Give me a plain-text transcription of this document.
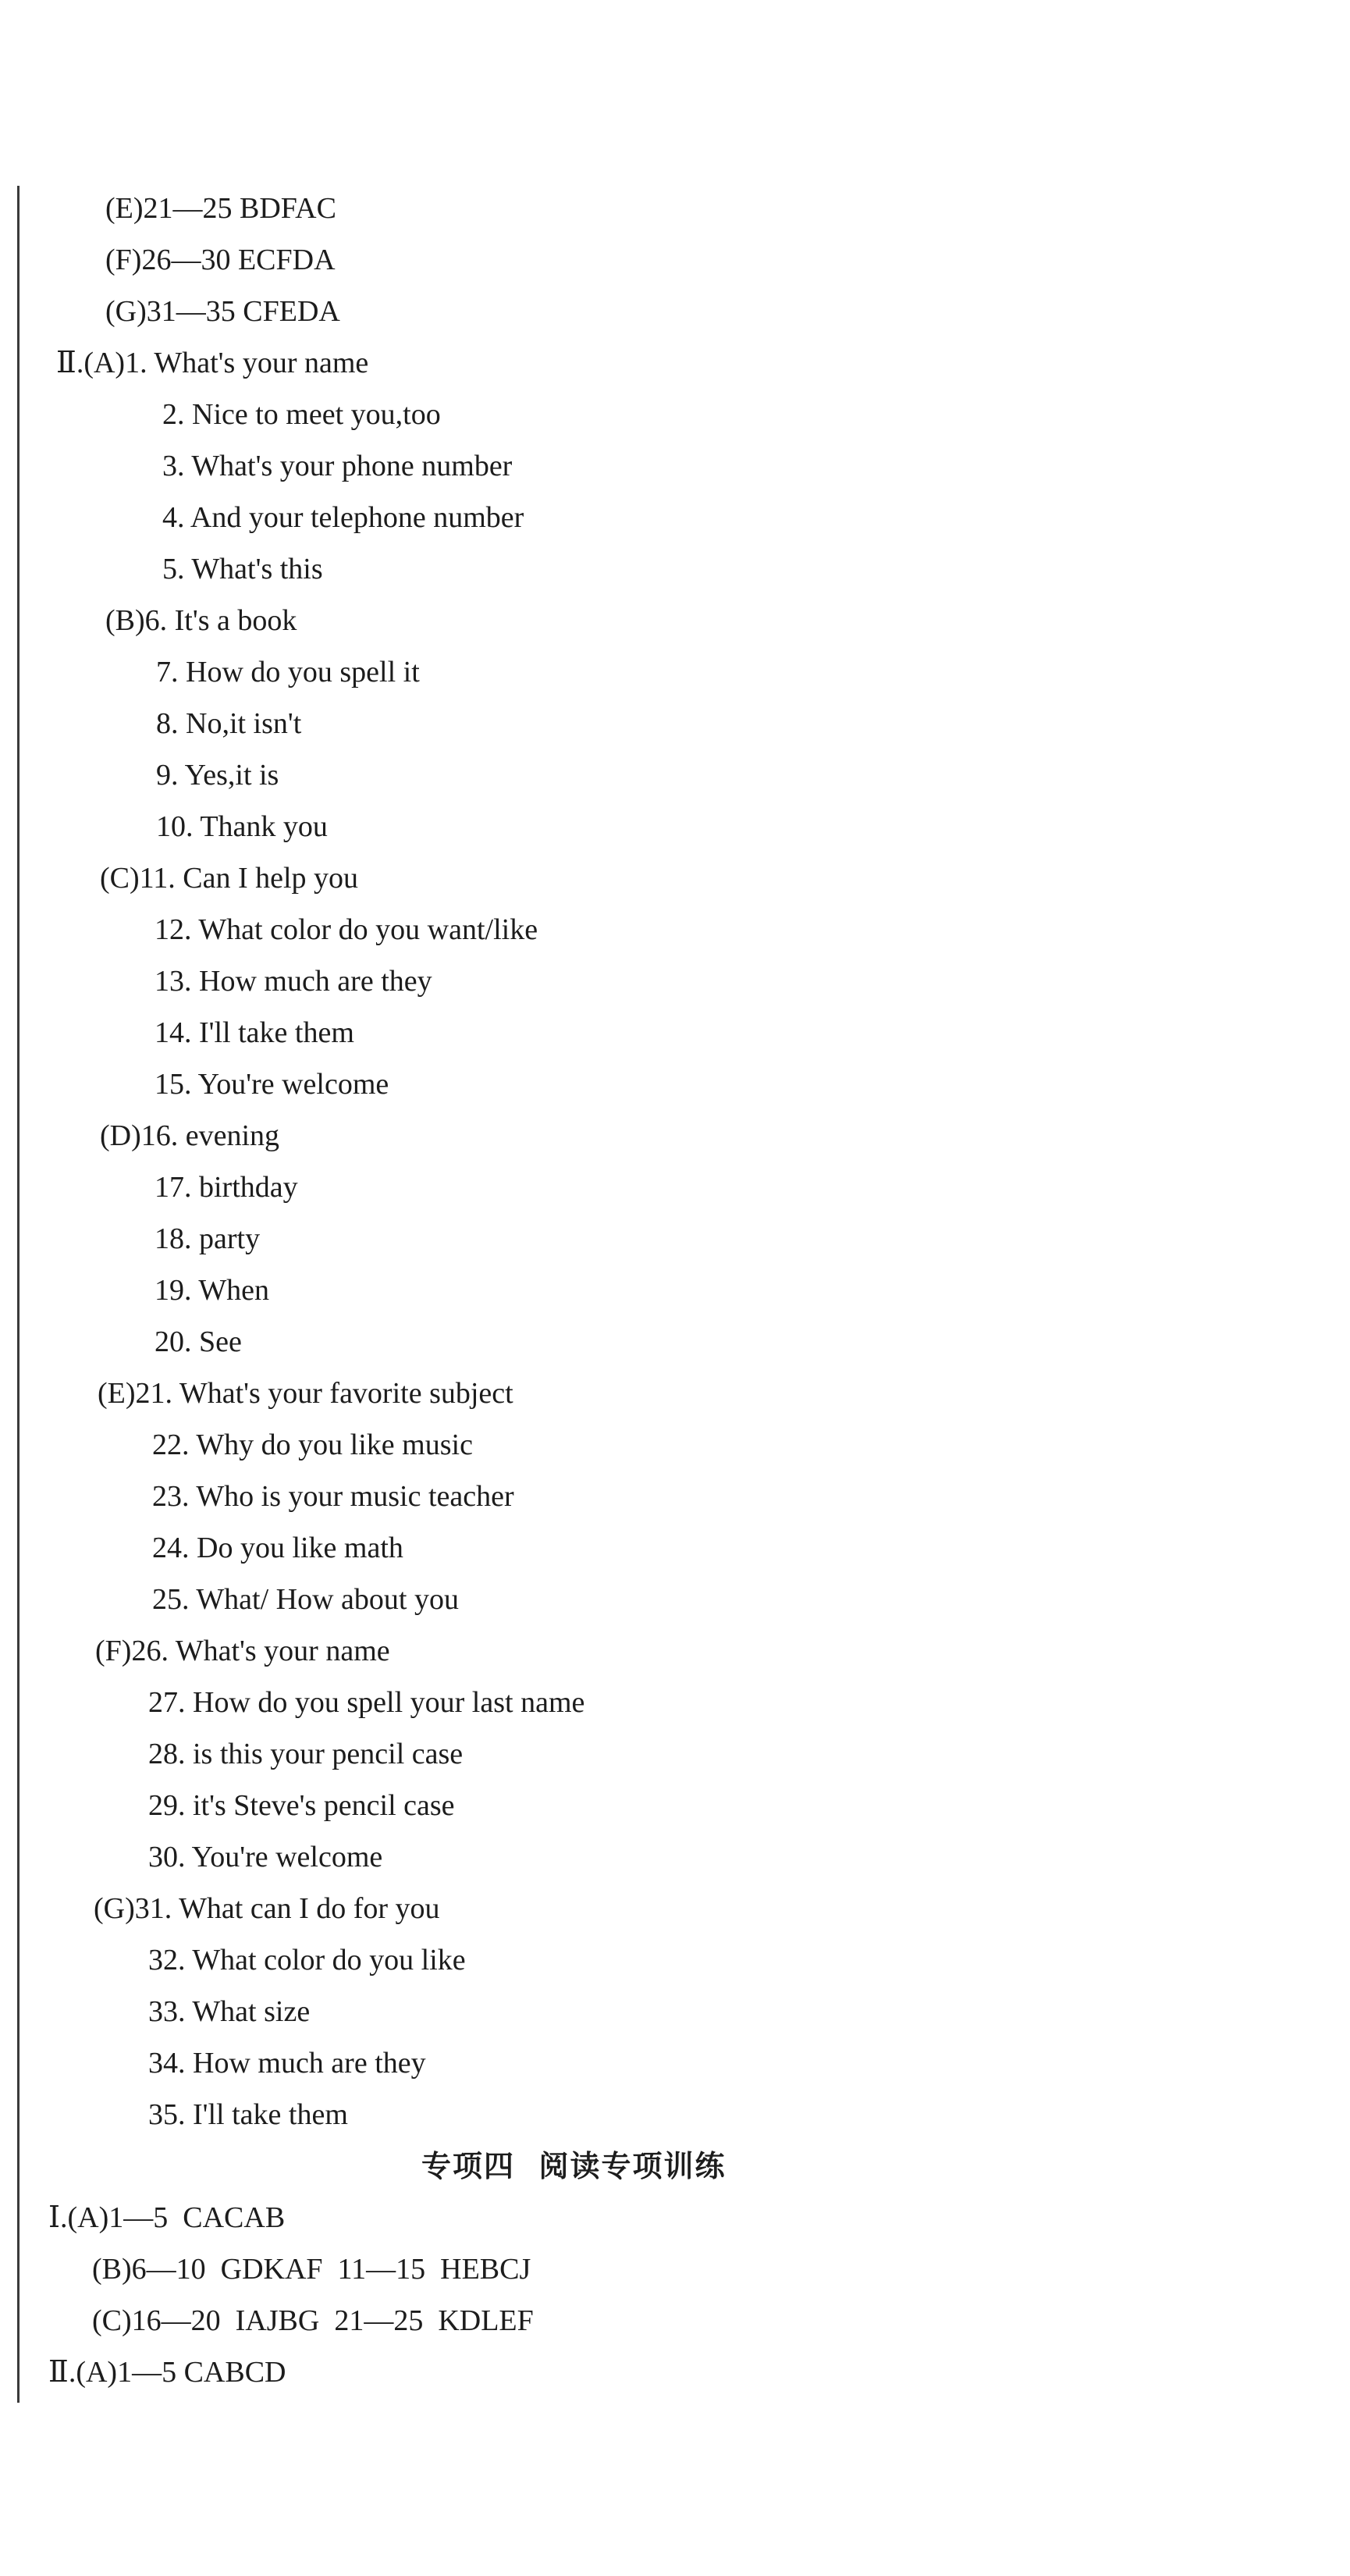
(E)21—25 BDFAC
(F)26—30 ECFDA
(G)31—35 CFEDA
Ⅱ.(A)1. What's your name
2. Nice to meet you,too
3. What's your phone number
4. And your telephone number
5. What's this
(B)6. It's a book
7. How do you spell it
8. No,it isn't
9. Yes,it is
10. Thank you
(C)11. Can I help you
12. What color do you want/like
13. How much are they
14. I'll take them
15. You're welcome
(D)16. evening
17. birthday
18. party
19. When
20. See
(E)21. What's your favorite subject
22. Why do you like music
23. Who is your music teacher
24. Do you like math
25. What/ How about you
(F)26. What's your name
27. How do you spell your last name
28. is this your pencil case
29. it's Steve's pencil case
30. You're welcome
(G)31. What can I do for you
32. What color do you like
33. What size
34. How much are they
35. I'll take them
专项四  阅读专项训练
Ⅰ.(A)1—5  CACAB
(B)6—10  GDKAF  11—15  HEBCJ
(C)16—20  IAJBG  21—25  KDLEF
Ⅱ.(A)1—5 CABCD
